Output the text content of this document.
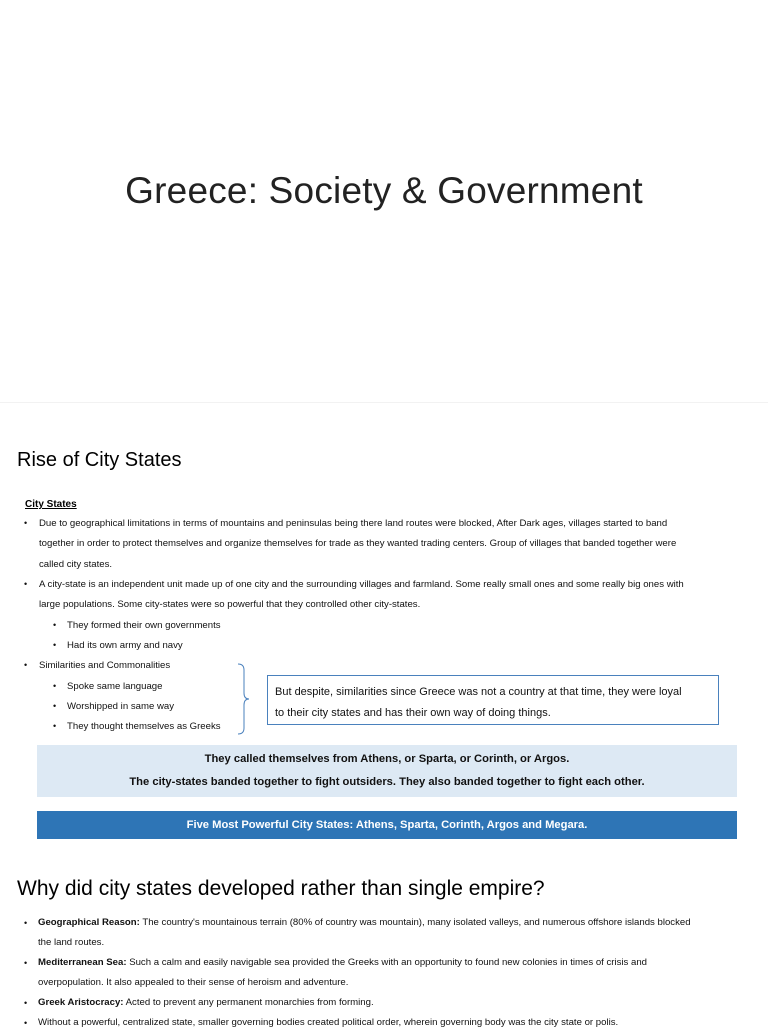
Greece: Society & Government
Rise of City States
City States
• Due to geographical limitations in terms of mountains and peninsulas being there land routes were blocked, After Dark ages, villages started to band
together in order to protect themselves and organize themselves for trade as they wanted trading centers. Group of villages that banded together were
called city states.
• A city-state is an independent unit made up of one city and the surrounding villages and farmland. Some really small ones and some really big ones with
large populations. Some city-states were so powerful that they controlled other city-states.
• They formed their own governments
• Had its own army and navy
• Similarities and Commonalities
• Spoke same language
• Worshipped in same way
• They thought themselves as Greeks
But despite, similarities since Greece was not a country at that time, they were loyal
to their city states and has their own way of doing things.
They called themselves from Athens, or Sparta, or Corinth, or Argos.
The city-states banded together to fight outsiders. They also banded together to fight each other.
Five Most Powerful City States: Athens, Sparta, Corinth, Argos and Megara.
Why did city states developed rather than single empire?
• Geographical Reason: The country's mountainous terrain (80% of country was mountain), many isolated valleys, and numerous offshore islands blocked
the land routes.
• Mediterranean Sea: Such a calm and easily navigable sea provided the Greeks with an opportunity to found new colonies in times of crisis and
overpopulation. It also appealed to their sense of heroism and adventure.
• Greek Aristocracy: Acted to prevent any permanent monarchies from forming.
• Without a powerful, centralized state, smaller governing bodies created political order, wherein governing body was the city state or polis.
